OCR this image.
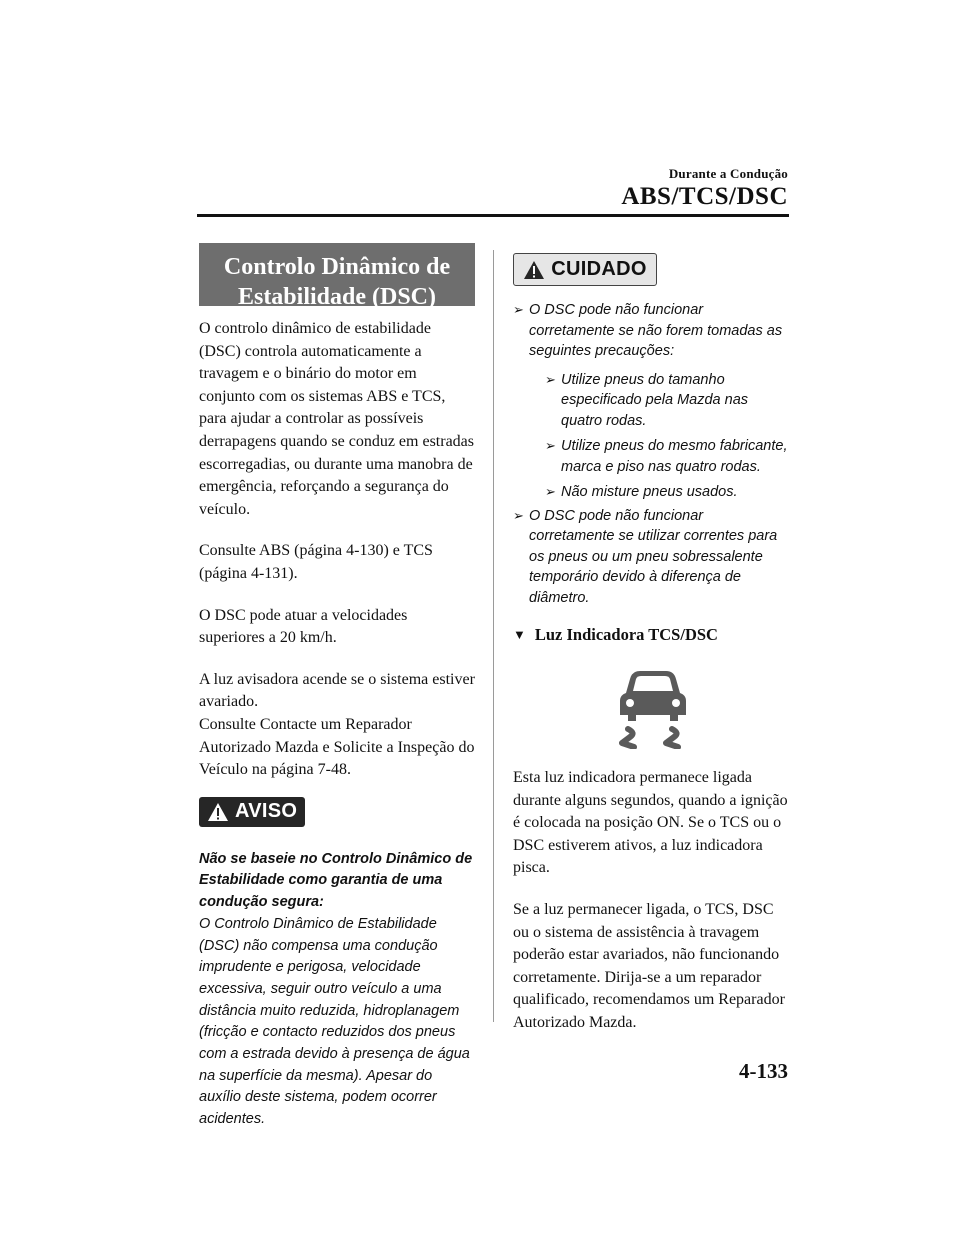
Durante a Condução
ABS/TCS/DSC
Controlo Dinâmico de
Estabilidade (DSC)

O controlo dinâmico de estabilidade (DSC) controla automaticamente a travagem e o binário do motor em conjunto com os sistemas ABS e TCS, para ajudar a controlar as possíveis derrapagens quando se conduz em estradas escorregadias, ou durante uma manobra de emergência, reforçando a segurança do veículo.

Consulte ABS (página 4-130) e TCS (página 4-131).

O DSC pode atuar a velocidades superiores a 20 km/h.

A luz avisadora acende se o sistema estiver avariado.

Consulte Contacte um Reparador Autorizado Mazda e Solicite a Inspeção do Veículo na página 7-48.

AVISO

Não se baseie no Controlo Dinâmico de Estabilidade como garantia de uma condução segura:

O Controlo Dinâmico de Estabilidade (DSC) não compensa uma condução imprudente e perigosa, velocidade excessiva, seguir outro veículo a uma distância muito reduzida, hidroplanagem (fricção e contacto reduzidos dos pneus com a estrada devido à presença de água na superfície da mesma). Apesar do auxílio deste sistema, podem ocorrer acidentes.

CUIDADO
➢ O DSC pode não funcionar corretamente se não forem tomadas as seguintes precauções:
➢ Utilize pneus do tamanho especificado pela Mazda nas quatro rodas.
➢ Utilize pneus do mesmo fabricante, marca e piso nas quatro rodas.
➢ Não misture pneus usados.
➢ O DSC pode não funcionar corretamente se utilizar correntes para os pneus ou um pneu sobressalente temporário devido à diferença de diâmetro.
▼ Luz Indicadora TCS/DSC

Esta luz indicadora permanece ligada durante alguns segundos, quando a ignição é colocada na posição ON. Se o TCS ou o DSC estiverem ativos, a luz indicadora pisca.

Se a luz permanecer ligada, o TCS, DSC ou o sistema de assistência à travagem poderão estar avariados, não funcionando corretamente. Dirija-se a um reparador qualificado, recomendamos um Reparador Autorizado Mazda.

4-133
